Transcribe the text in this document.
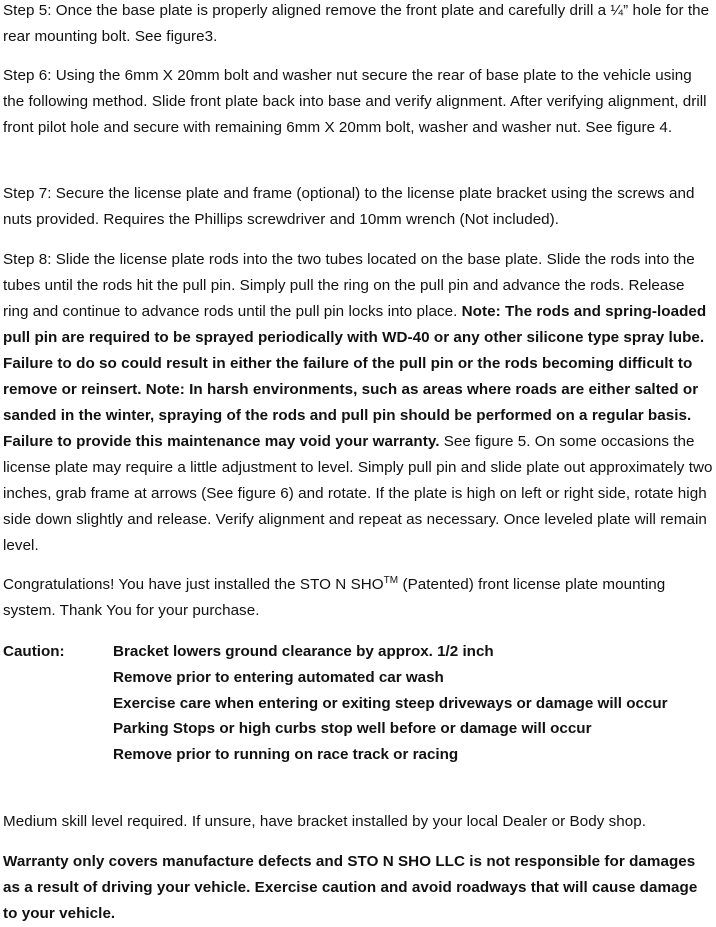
Step 5: Once the base plate is properly aligned remove the front plate and carefully drill a ¼” hole for the rear mounting bolt. See figure3.

Step 6: Using the 6mm X 20mm bolt and washer nut secure the rear of base plate to the vehicle using the following method. Slide front plate back into base and verify alignment. After verifying alignment, drill front pilot hole and secure with remaining 6mm X 20mm bolt, washer and washer nut. See figure 4.

Step 7: Secure the license plate and frame (optional) to the license plate bracket using the screws and nuts provided. Requires the Phillips screwdriver and 10mm wrench (Not included).

Step 8: Slide the license plate rods into the two tubes located on the base plate. Slide the rods into the tubes until the rods hit the pull pin. Simply pull the ring on the pull pin and advance the rods. Release ring and continue to advance rods until the pull pin locks into place. Note: The rods and spring-loaded pull pin are required to be sprayed periodically with WD-40 or any other silicone type spray lube. Failure to do so could result in either the failure of the pull pin or the rods becoming difficult to remove or reinsert. Note: In harsh environments, such as areas where roads are either salted or sanded in the winter, spraying of the rods and pull pin should be performed on a regular basis. Failure to provide this maintenance may void your warranty. See figure 5. On some occasions the license plate may require a little adjustment to level. Simply pull pin and slide plate out approximately two inches, grab frame at arrows (See figure 6) and rotate. If the plate is high on left or right side, rotate high side down slightly and release. Verify alignment and repeat as necessary. Once leveled plate will remain level.

Congratulations! You have just installed the STO N SHO™ (Patented) front license plate mounting system. Thank You for your purchase.

Caution:	Bracket lowers ground clearance by approx. 1/2 inch
Remove prior to entering automated car wash
Exercise care when entering or exiting steep driveways or damage will occur
Parking Stops or high curbs stop well before or damage will occur
Remove prior to running on race track or racing

Medium skill level required. If unsure, have bracket installed by your local Dealer or Body shop.

Warranty only covers manufacture defects and STO N SHO LLC is not responsible for damages as a result of driving your vehicle. Exercise caution and avoid roadways that will cause damage to your vehicle.
